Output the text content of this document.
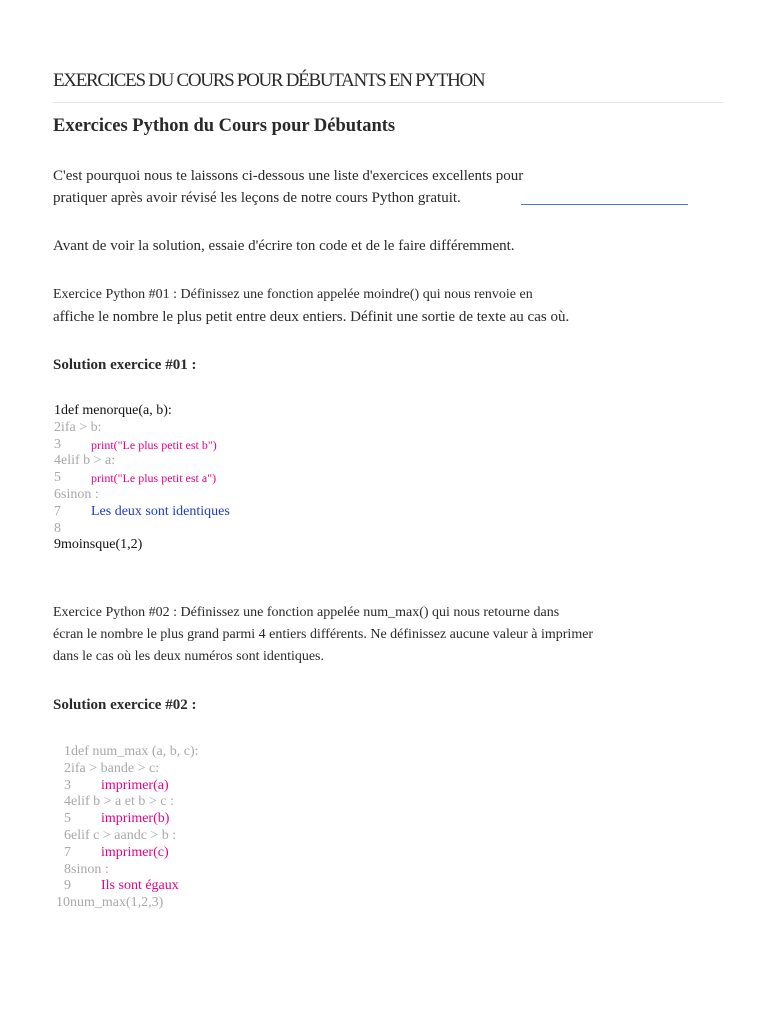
EXERCICES DU COURS POUR DÉBUTANTS EN PYTHON
Exercices Python du Cours pour Débutants
C'est pourquoi nous te laissons ci-dessous une liste d'exercices excellents pour
pratiquer après avoir révisé les leçons de notre cours Python gratuit.
Avant de voir la solution, essaie d'écrire ton code et de le faire différemment.
Exercice Python #01 : Définissez une fonction appelée moindre() qui nous renvoie en
affiche le nombre le plus petit entre deux entiers. Définit une sortie de texte au cas où.
Solution exercice #01 :
1def menorque(a, b):
2ifa > b:
3	print("Le plus petit est b")
4elif b > a:
5	print("Le plus petit est a")
6sinon :
7 Les deux sont identiques
8
9moinsque(1,2)
Exercice Python #02 : Définissez une fonction appelée num_max() qui nous retourne dans
écran le nombre le plus grand parmi 4 entiers différents. Ne définissez aucune valeur à imprimer
dans le cas où les deux numéros sont identiques.
Solution exercice #02 :
1def num_max (a, b, c):
2ifa > bande > c:
3 imprimer(a)
4elif b > a et b > c :
5 imprimer(b)
6elif c > aandc > b :
7 imprimer(c)
8sinon :
9 Ils sont égaux
10num_max(1,2,3)
